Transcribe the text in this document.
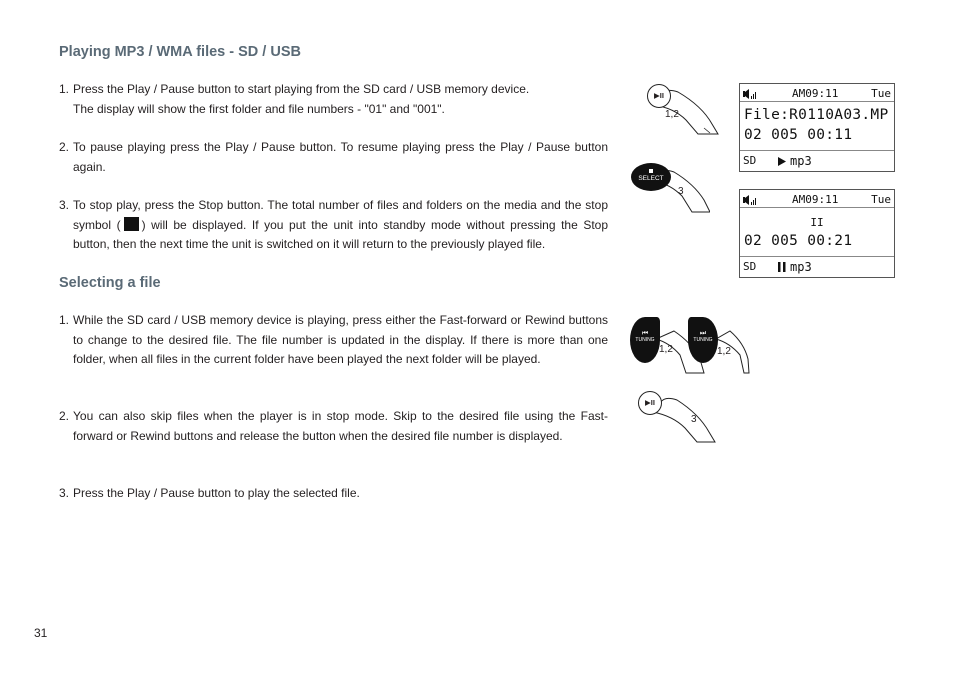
Playing MP3 / WMA files - SD / USB

1. Press the Play / Pause button to start playing from the SD card / USB memory device.
The display will show the first folder and file numbers - "01" and "001".

2. To pause playing press the Play / Pause button. To resume playing press the Play / Pause button again.

3. To stop play, press the Stop button. The total number of files and folders on the media and the stop symbol ( ) will be displayed. If you put the unit into standby mode without pressing the Stop button, then the next time the unit is switched on it will return to the previously played file.

Selecting a file

1. While the SD card / USB memory device is playing, press either the Fast-forward or Rewind buttons to change to the desired file. The file number is updated in the display. If there is more than one folder, when all files in the current folder have been played the next folder will be played.

2. You can also skip files when the player is in stop mode. Skip to the desired file using the Fast-forward or Rewind buttons and release the button when the desired file number is displayed.

3. Press the Play / Pause button to play the selected file.

31
AM09:11	Tue
File:R0110A03.MP
02 005 00:11
SD	mp3
AM09:11	Tue
II
02 005 00:21
SD	mp3
▶II
1,2
SELECT
3
⏮
TUNING
⏭
TUNING
1,2	1,2
▶II
3
